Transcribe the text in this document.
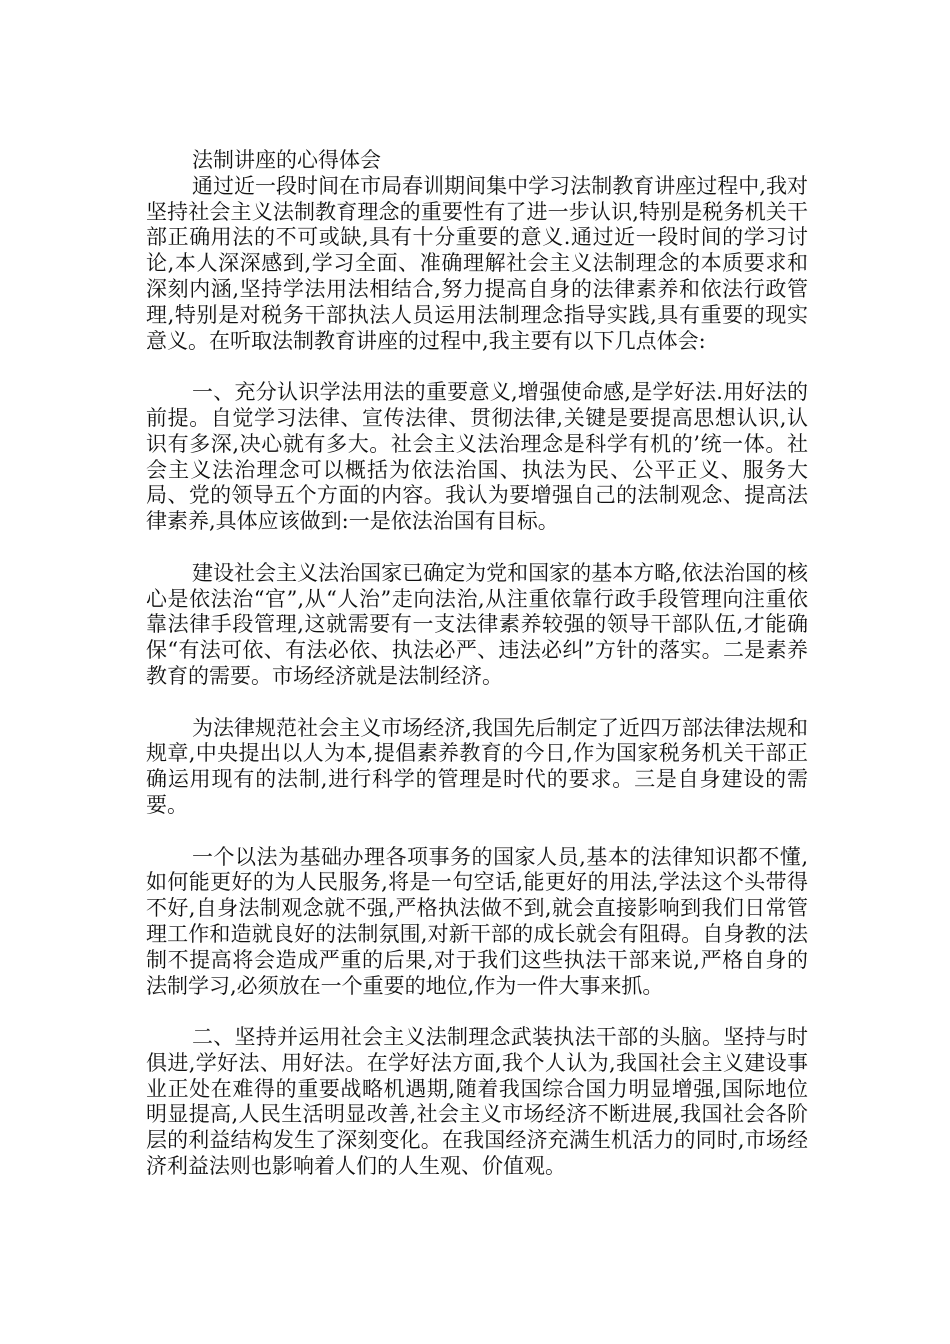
法制讲座的心得体会

通过近一段时间在市局春训期间集中学习法制教育讲座过程中,我对坚持社会主义法制教育理念的重要性有了进一步认识,特别是税务机关干部正确用法的不可或缺,具有十分重要的意义.通过近一段时间的学习讨论,本人深深感到,学习全面、准确理解社会主义法制理念的本质要求和深刻内涵,坚持学法用法相结合,努力提高自身的法律素养和依法行政管理,特别是对税务干部执法人员运用法制理念指导实践,具有重要的现实意义。在听取法制教育讲座的过程中,我主要有以下几点体会:

一、充分认识学法用法的重要意义,增强使命感,是学好法.用好法的前提。自觉学习法律、宣传法律、贯彻法律,关键是要提高思想认识,认识有多深,决心就有多大。社会主义法治理念是科学有机的’统一体。社会主义法治理念可以概括为依法治国、执法为民、公平正义、服务大局、党的领导五个方面的内容。我认为要增强自己的法制观念、提高法律素养,具体应该做到:一是依法治国有目标。

建设社会主义法治国家已确定为党和国家的基本方略,依法治国的核心是依法治“官”,从“人治”走向法治,从注重依靠行政手段管理向注重依靠法律手段管理,这就需要有一支法律素养较强的领导干部队伍,才能确保“有法可依、有法必依、执法必严、违法必纠”方针的落实。二是素养教育的需要。市场经济就是法制经济。

为法律规范社会主义市场经济,我国先后制定了近四万部法律法规和规章,中央提出以人为本,提倡素养教育的今日,作为国家税务机关干部正确运用现有的法制,进行科学的管理是时代的要求。三是自身建设的需要。

一个以法为基础办理各项事务的国家人员,基本的法律知识都不懂,如何能更好的为人民服务,将是一句空话,能更好的用法,学法这个头带得不好,自身法制观念就不强,严格执法做不到,就会直接影响到我们日常管理工作和造就良好的法制氛围,对新干部的成长就会有阻碍。自身教的法制不提高将会造成严重的后果,对于我们这些执法干部来说,严格自身的法制学习,必须放在一个重要的地位,作为一件大事来抓。

二、坚持并运用社会主义法制理念武装执法干部的头脑。坚持与时俱进,学好法、用好法。在学好法方面,我个人认为,我国社会主义建设事业正处在难得的重要战略机遇期,随着我国综合国力明显增强,国际地位明显提高,人民生活明显改善,社会主义市场经济不断进展,我国社会各阶层的利益结构发生了深刻变化。在我国经济充满生机活力的同时,市场经济利益法则也影响着人们的人生观、价值观。
